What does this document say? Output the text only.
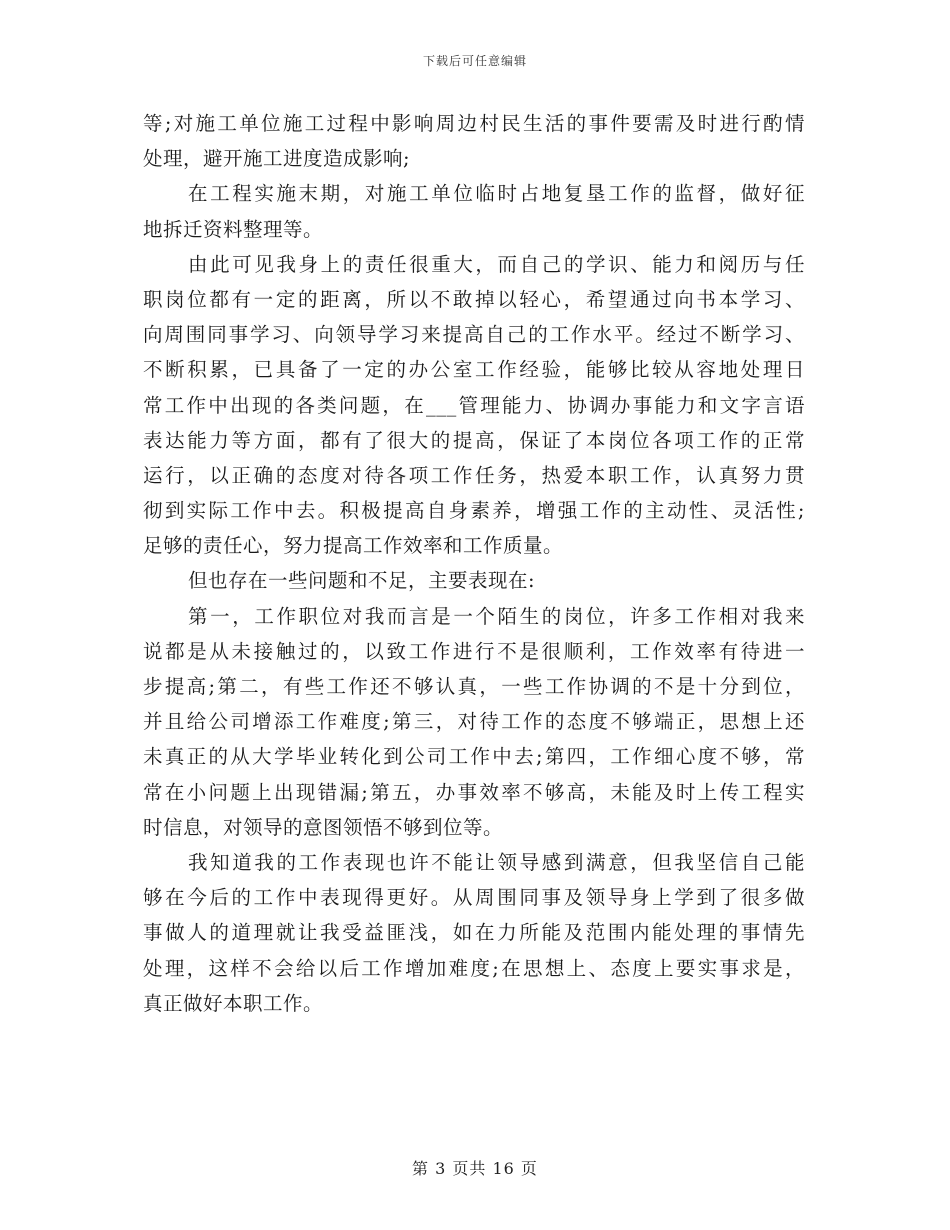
下载后可任意编辑
等;对施工单位施工过程中影响周边村民生活的事件要需及时进行酌情
处理，避开施工进度造成影响;
在工程实施末期，对施工单位临时占地复垦工作的监督，做好征
地拆迁资料整理等。
由此可见我身上的责任很重大，而自己的学识、能力和阅历与任
职岗位都有一定的距离，所以不敢掉以轻心，希望通过向书本学习、
向周围同事学习、向领导学习来提高自己的工作水平。经过不断学习、
不断积累，已具备了一定的办公室工作经验，能够比较从容地处理日
常工作中出现的各类问题，在___管理能力、协调办事能力和文字言语
表达能力等方面，都有了很大的提高，保证了本岗位各项工作的正常
运行，以正确的态度对待各项工作任务，热爱本职工作，认真努力贯
彻到实际工作中去。积极提高自身素养，增强工作的主动性、灵活性;
足够的责任心，努力提高工作效率和工作质量。
但也存在一些问题和不足，主要表现在:
第一，工作职位对我而言是一个陌生的岗位，许多工作相对我来
说都是从未接触过的，以致工作进行不是很顺利，工作效率有待进一
步提高;第二，有些工作还不够认真，一些工作协调的不是十分到位，
并且给公司增添工作难度;第三，对待工作的态度不够端正，思想上还
未真正的从大学毕业转化到公司工作中去;第四，工作细心度不够，常
常在小问题上出现错漏;第五，办事效率不够高，未能及时上传工程实
时信息，对领导的意图领悟不够到位等。
我知道我的工作表现也许不能让领导感到满意，但我坚信自己能
够在今后的工作中表现得更好。从周围同事及领导身上学到了很多做
事做人的道理就让我受益匪浅，如在力所能及范围内能处理的事情先
处理，这样不会给以后工作增加难度;在思想上、态度上要实事求是，
真正做好本职工作。
第 3 页共 16 页
